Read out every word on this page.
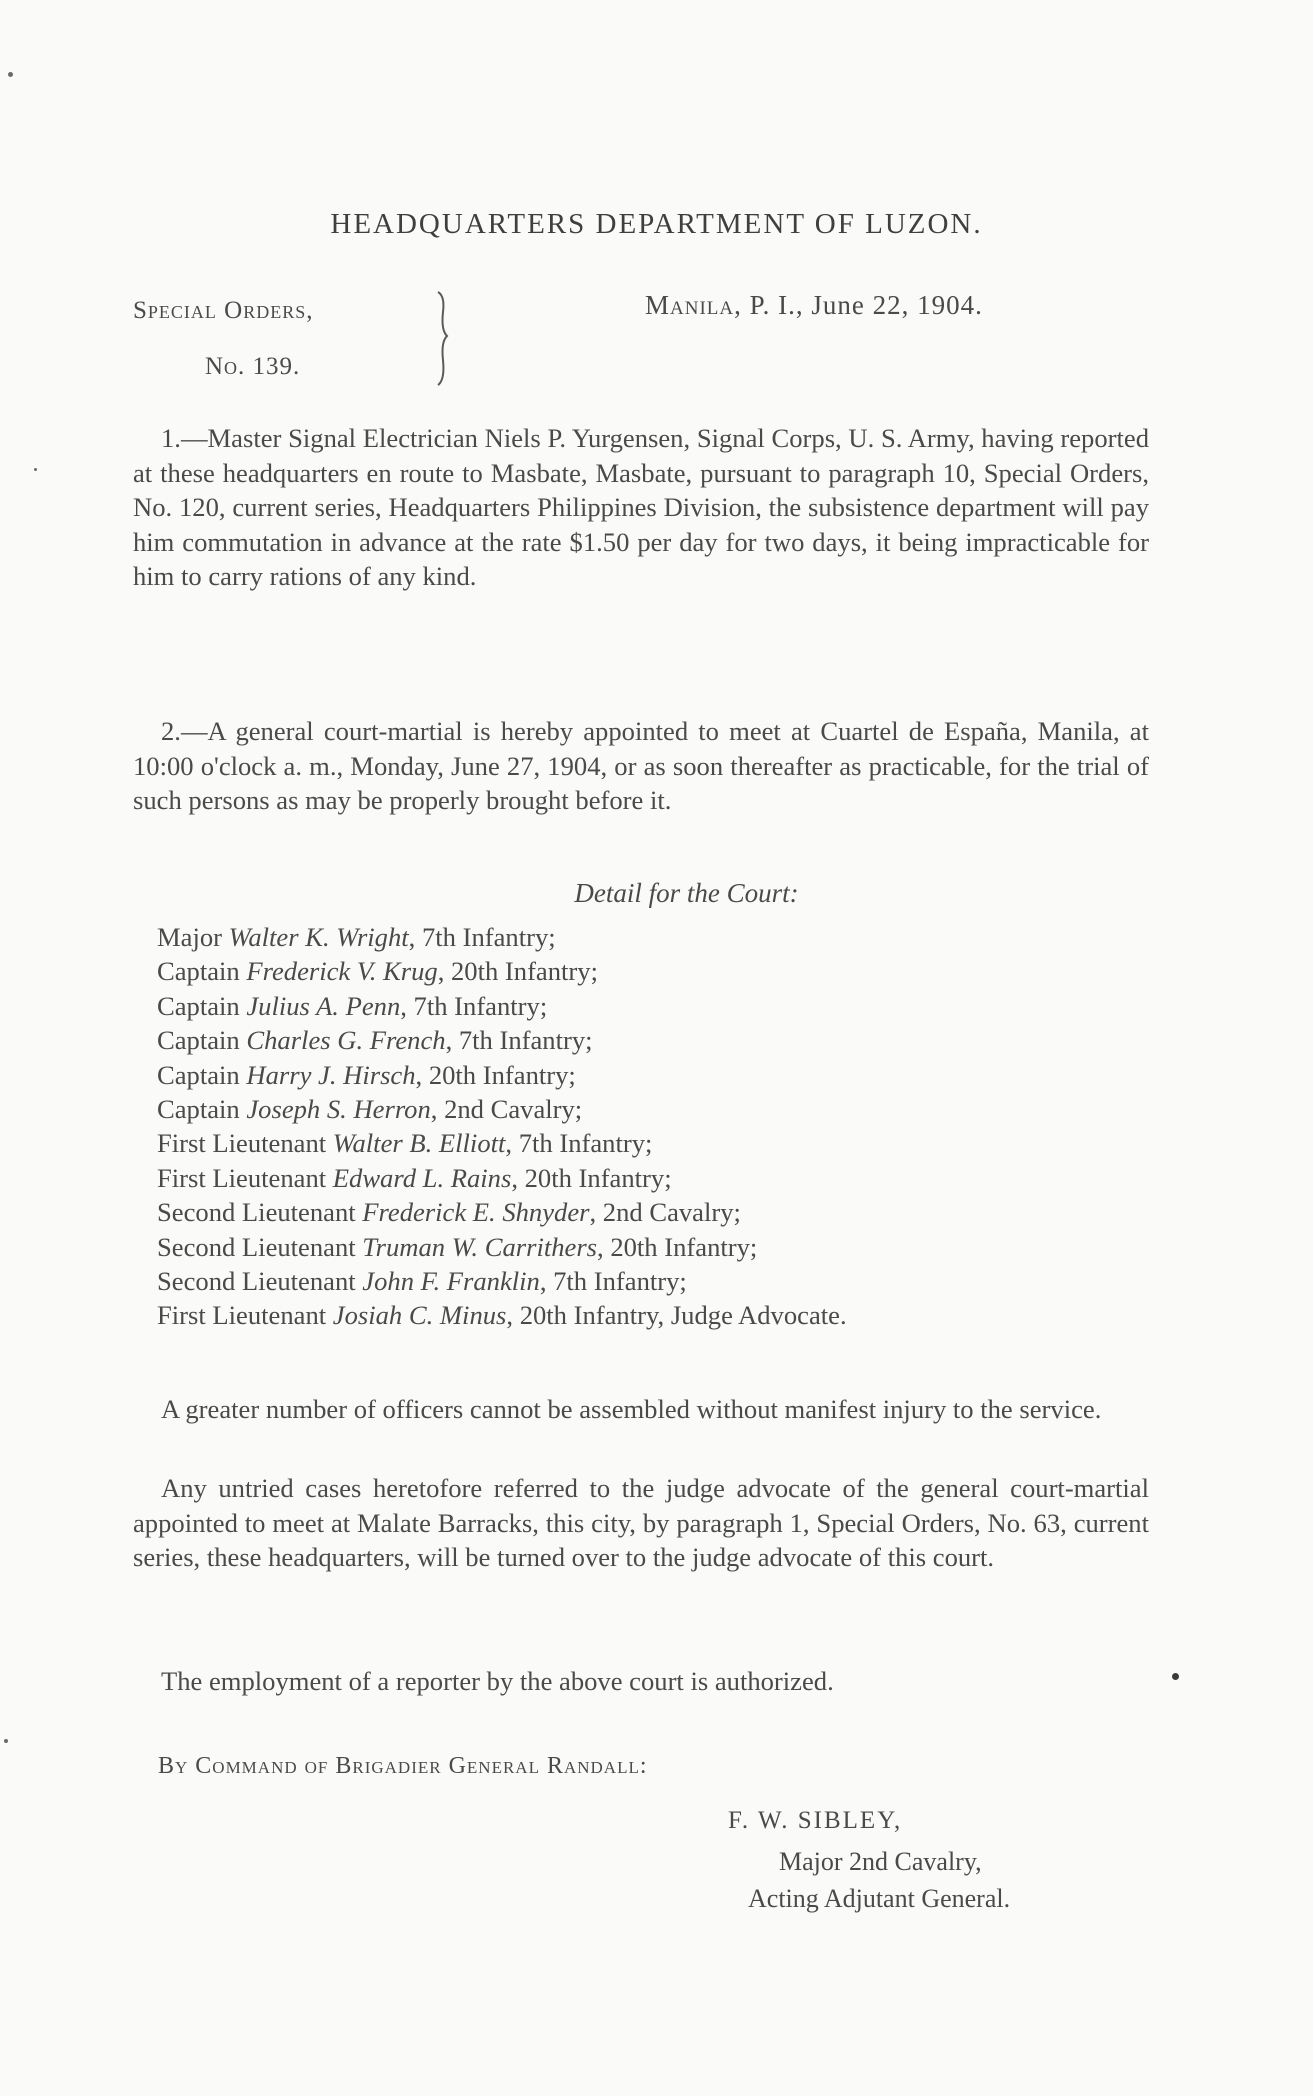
HEADQUARTERS DEPARTMENT OF LUZON.
Special Orders,
No. 139.
Manila, P. I., June 22, 1904.

1.—Master Signal Electrician Niels P. Yurgensen, Signal Corps, U. S. Army, having reported at these headquarters en route to Masbate, Masbate, pursuant to paragraph 10, Special Orders, No. 120, current series, Headquarters Philippines Division, the subsistence department will pay him commutation in advance at the rate $1.50 per day for two days, it being impracticable for him to carry rations of any kind.

2.—A general court-martial is hereby appointed to meet at Cuartel de España, Manila, at 10:00 o'clock a. m., Monday, June 27, 1904, or as soon thereafter as practicable, for the trial of such persons as may be properly brought before it.

Detail for the Court:
Major Walter K. Wright, 7th Infantry;
Captain Frederick V. Krug, 20th Infantry;
Captain Julius A. Penn, 7th Infantry;
Captain Charles G. French, 7th Infantry;
Captain Harry J. Hirsch, 20th Infantry;
Captain Joseph S. Herron, 2nd Cavalry;
First Lieutenant Walter B. Elliott, 7th Infantry;
First Lieutenant Edward L. Rains, 20th Infantry;
Second Lieutenant Frederick E. Shnyder, 2nd Cavalry;
Second Lieutenant Truman W. Carrithers, 20th Infantry;
Second Lieutenant John F. Franklin, 7th Infantry;
First Lieutenant Josiah C. Minus, 20th Infantry, Judge Advocate.

A greater number of officers cannot be assembled without manifest injury to the service.

Any untried cases heretofore referred to the judge advocate of the general court-martial appointed to meet at Malate Barracks, this city, by paragraph 1, Special Orders, No. 63, current series, these headquarters, will be turned over to the judge advocate of this court.

The employment of a reporter by the above court is authorized.

By Command of Brigadier General Randall:
F. W. SIBLEY,
Major 2nd Cavalry,
Acting Adjutant General.
